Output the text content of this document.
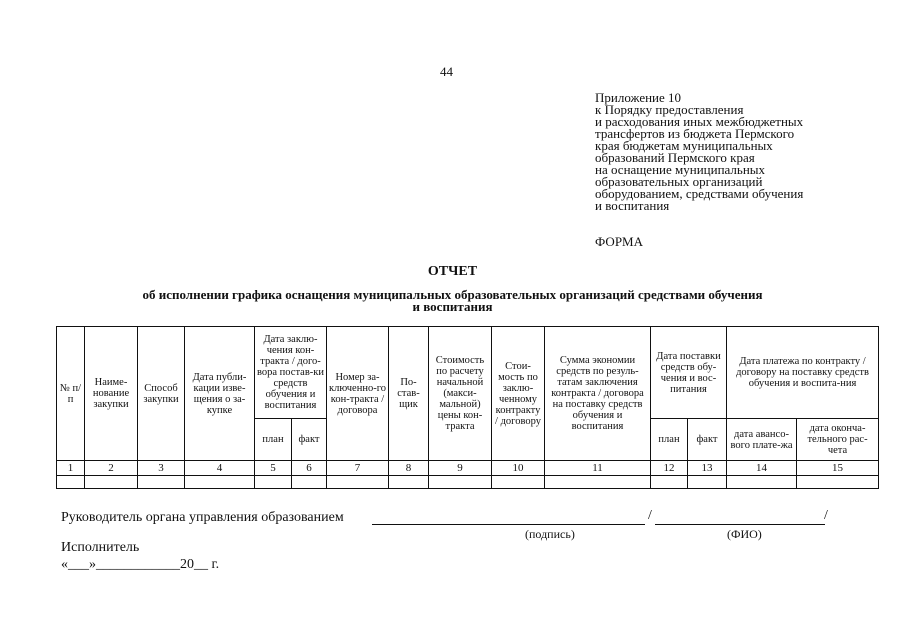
44
Приложение 10
к Порядку предоставления
и расходования иных межбюджетных
трансфертов из бюджета Пермского
края бюджетам муниципальных
образований Пермского края
на оснащение муниципальных
образовательных организаций
оборудованием, средствами обучения
и воспитания
ФОРМА
ОТЧЕТ
об исполнении графика оснащения муниципальных образовательных организаций средствами обучения
и воспитания
№ п/п	Наиме-нование закупки	Способ закупки	Дата публи-кации изве-щения о за-купке	Дата заклю-чения кон-тракта / дого-вора постав-ки средств обучения и воспитания		Номер за-ключенно-го кон-тракта / договора	По-став-щик	Стоимость по расчету начальной (макси-мальной) цены кон-тракта	Стои-мость по заклю-ченному контракту / договору	Сумма экономии средств по резуль-татам заключения контракта / договора на поставку средств обучения и воспитания	Дата поставки средств обу-чения и вос-питания		Дата платежа по контракту / договору на поставку средств обучения и воспита-ния	
				план	факт						план	факт	дата авансо-вого плате-жа	дата оконча-тельного рас-чета
1	2	3	4	5	6	7	8	9	10	11	12	13	14	15

Руководитель органа управления образованием	/	/
(подпись)	(ФИО)
Исполнитель
«___»____________20__ г.
